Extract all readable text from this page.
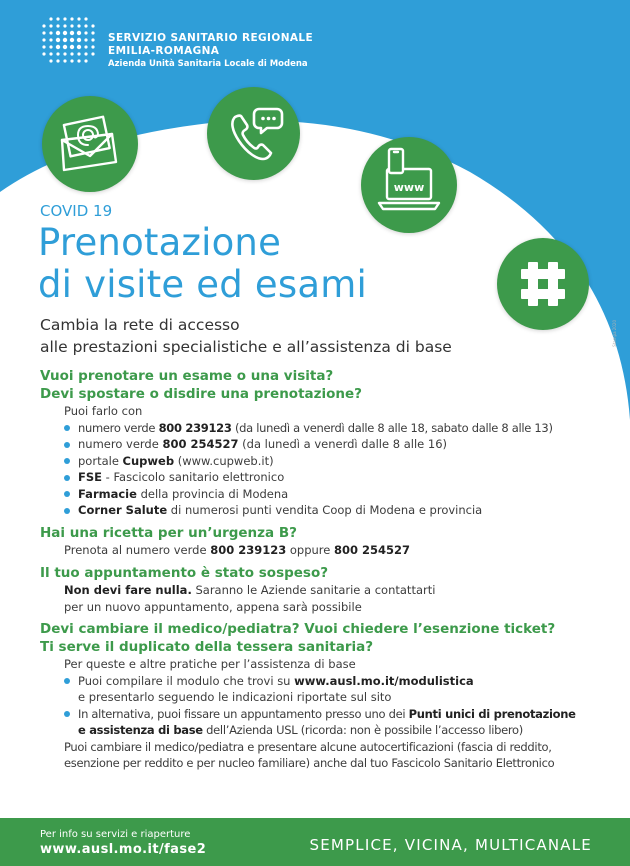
SERVIZIO SANITARIO REGIONALE
EMILIA-ROMAGNA
Azienda Unità Sanitaria Locale di Modena
www
COVID 19
Prenotazione
di visite ed esami
Cambia la rete di accesso
alle prestazioni specialistiche e all’assistenza di base
Stampa 2020
Vuoi prenotare un esame o una visita?
Devi spostare o disdire una prenotazione?
Puoi farlo con
numero verde 800 239123 (da lunedì a venerdì dalle 8 alle 18, sabato dalle 8 alle 13)
numero verde 800 254527 (da lunedì a venerdì dalle 8 alle 16)
portale Cupweb (www.cupweb.it)
FSE - Fascicolo sanitario elettronico
Farmacie della provincia di Modena
Corner Salute di numerosi punti vendita Coop di Modena e provincia
Hai una ricetta per un’urgenza B?
Prenota al numero verde 800 239123 oppure 800 254527
Il tuo appuntamento è stato sospeso?
Non devi fare nulla. Saranno le Aziende sanitarie a contattarti
per un nuovo appuntamento, appena sarà possibile
Devi cambiare il medico/pediatra? Vuoi chiedere l’esenzione ticket?
Ti serve il duplicato della tessera sanitaria?
Per queste e altre pratiche per l’assistenza di base
Puoi compilare il modulo che trovi su www.ausl.mo.it/modulistica
e presentarlo seguendo le indicazioni riportate sul sito
In alternativa, puoi fissare un appuntamento presso uno dei Punti unici di prenotazione
e assistenza di base dell’Azienda USL (ricorda: non è possibile l’accesso libero)
Puoi cambiare il medico/pediatra e presentare alcune autocertificazioni (fascia di reddito,
esenzione per reddito e per nucleo familiare) anche dal tuo Fascicolo Sanitario Elettronico
Per info su servizi e riaperture
www.ausl.mo.it/fase2	SEMPLICE, VICINA, MULTICANALE
